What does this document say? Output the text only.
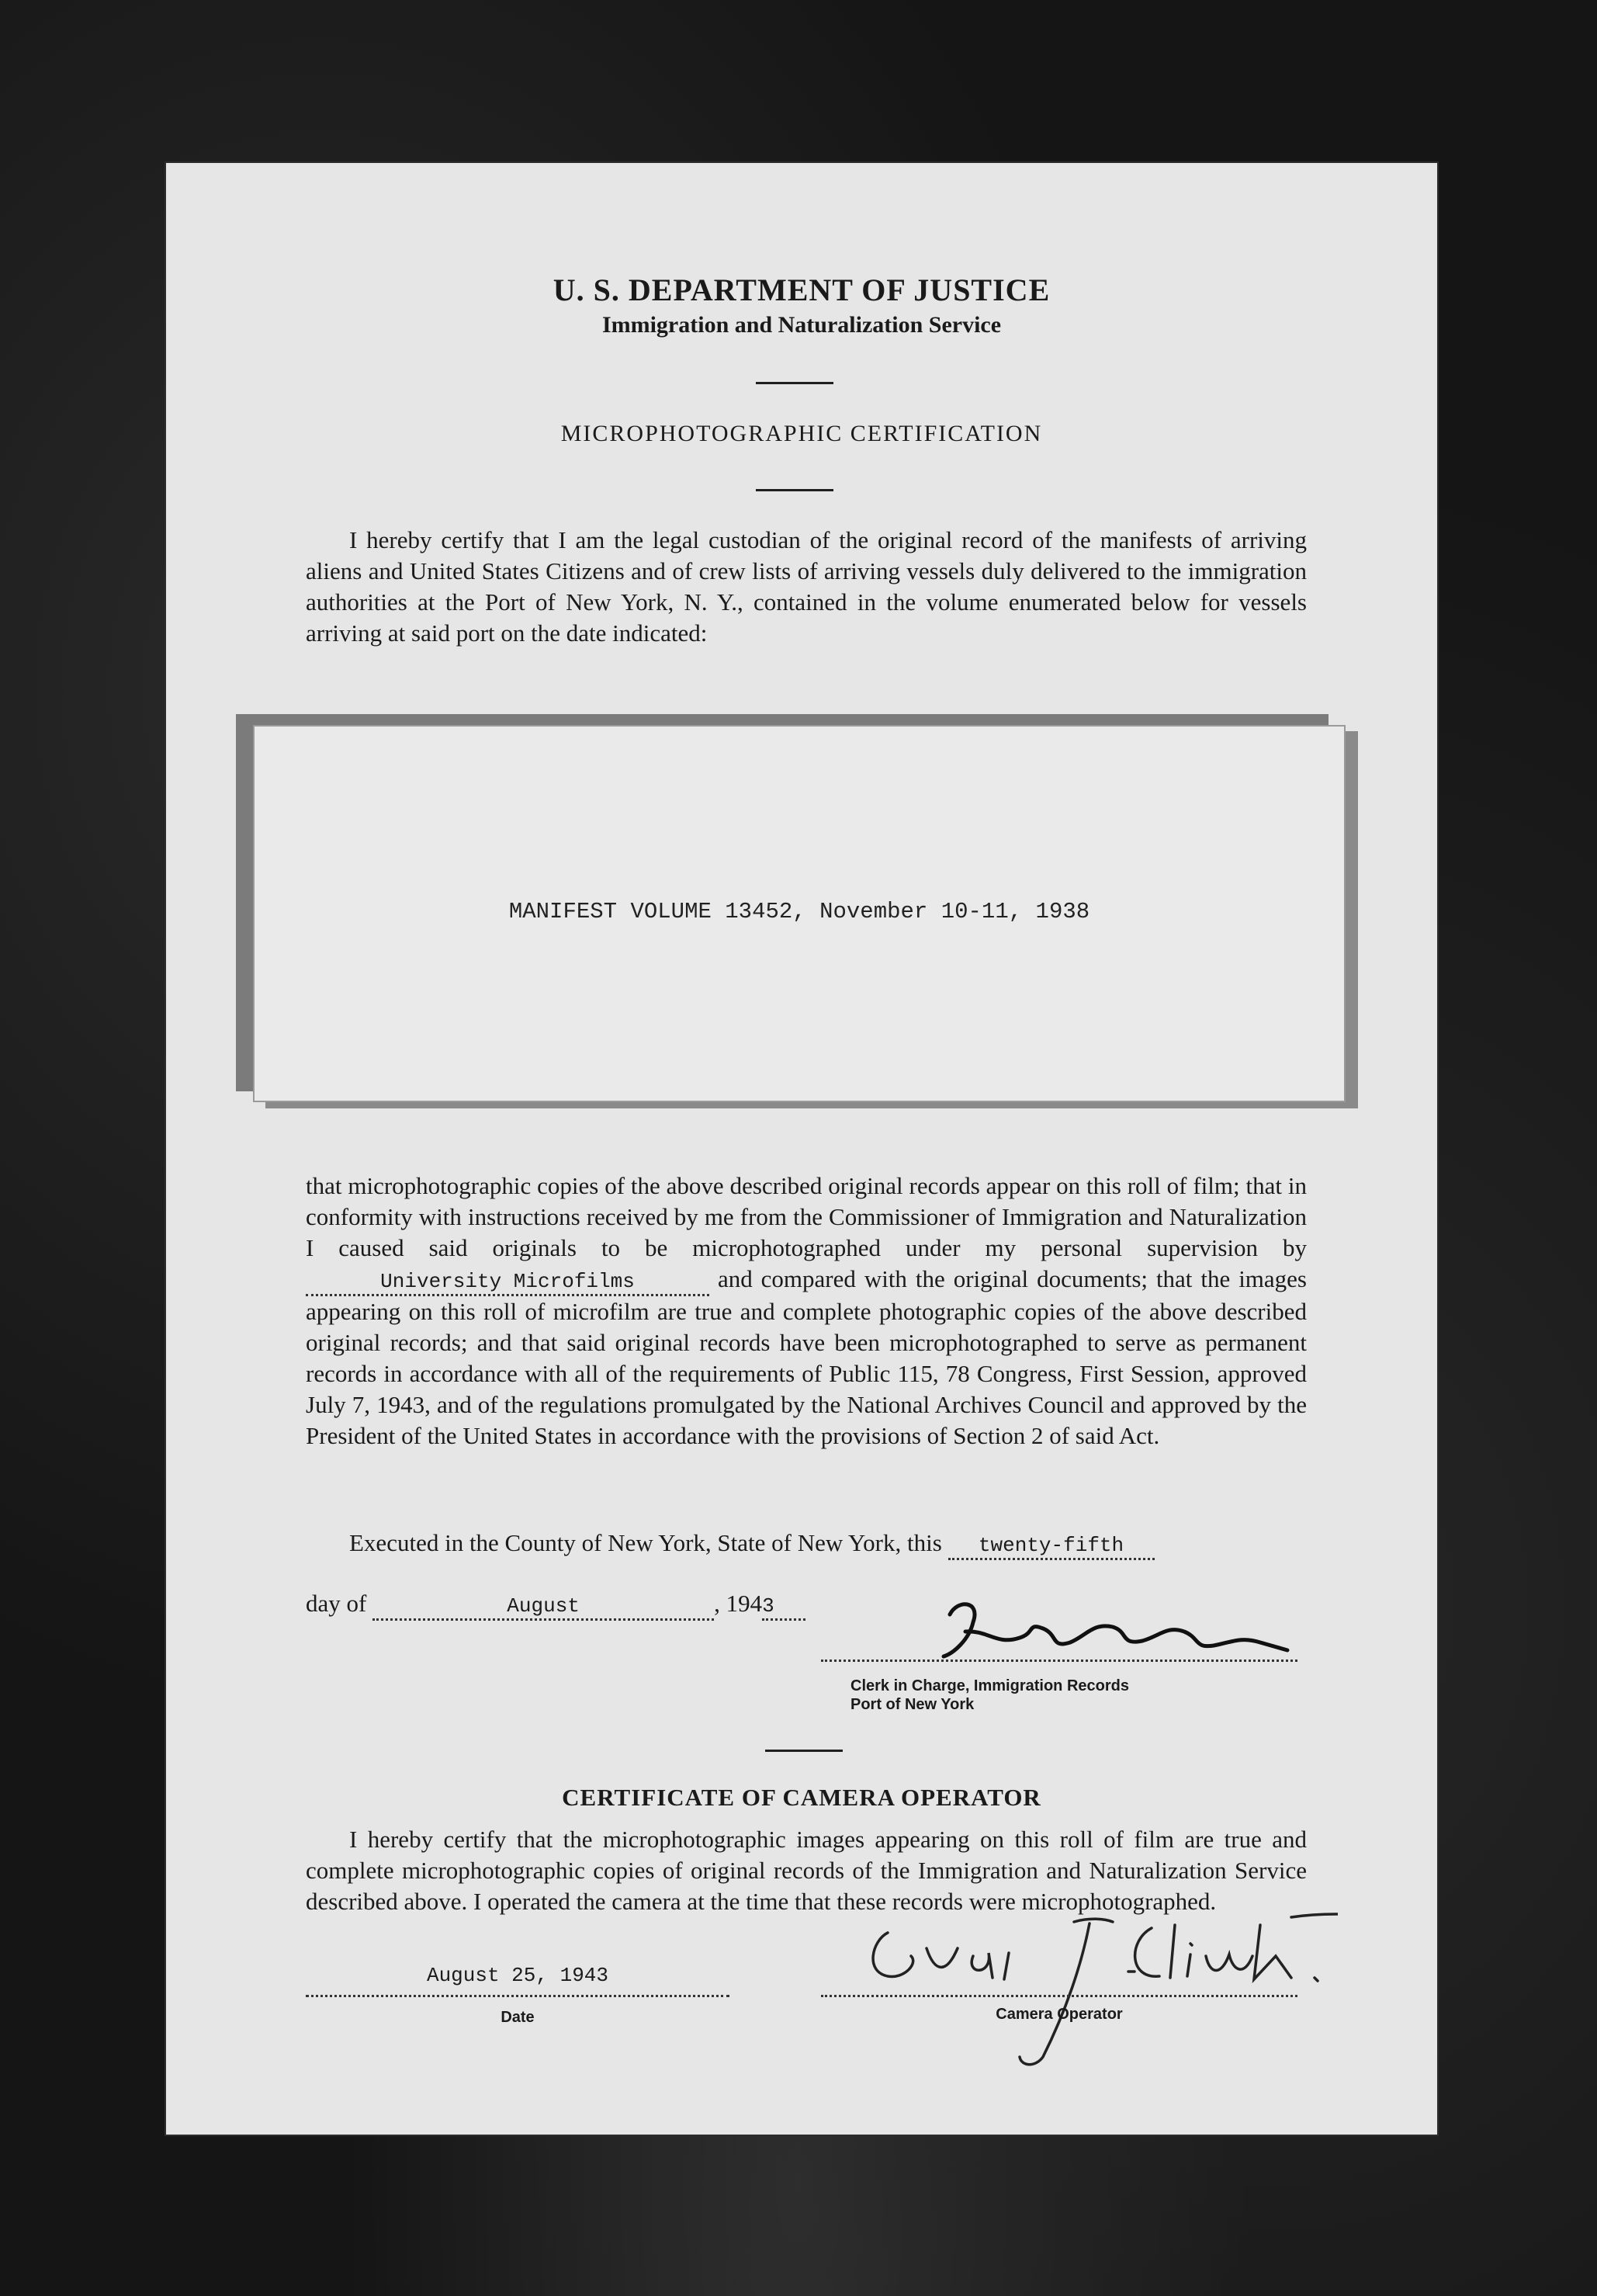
U. S. DEPARTMENT OF JUSTICE
Immigration and Naturalization Service
MICROPHOTOGRAPHIC CERTIFICATION
I hereby certify that I am the legal custodian of the original record of the manifests of arriving aliens and United States Citizens and of crew lists of arriving vessels duly delivered to the immigration authorities at the Port of New York, N. Y., contained in the volume enumerated below for vessels arriving at said port on the date indicated:
MANIFEST VOLUME 13452, November 10-11, 1938
that microphotographic copies of the above described original records appear on this roll of film; that in conformity with instructions received by me from the Commissioner of Immigration and Naturalization I caused said originals to be microphotographed under my personal supervision by University Microfilms	and compared with the original documents; that the images appearing on this roll of microfilm are true and complete photographic copies of the above described original records; and that said original records have been microphotographed to serve as permanent records in accordance with all of the requirements of Public 115, 78 Congress, First Session, approved July 7, 1943, and of the regulations promulgated by the National Archives Council and approved by the President of the United States in accordance with the provisions of Section 2 of said Act.
Executed in the County of New York, State of New York, this twenty-fifth
day of	August	, 1943
Clerk in Charge, Immigration Records
Port of New York
CERTIFICATE OF CAMERA OPERATOR
I hereby certify that the microphotographic images appearing on this roll of film are true and complete microphotographic copies of original records of the Immigration and Naturalization Service described above. I operated the camera at the time that these records were microphotographed.
August 25, 1943
Date	Camera Operator
